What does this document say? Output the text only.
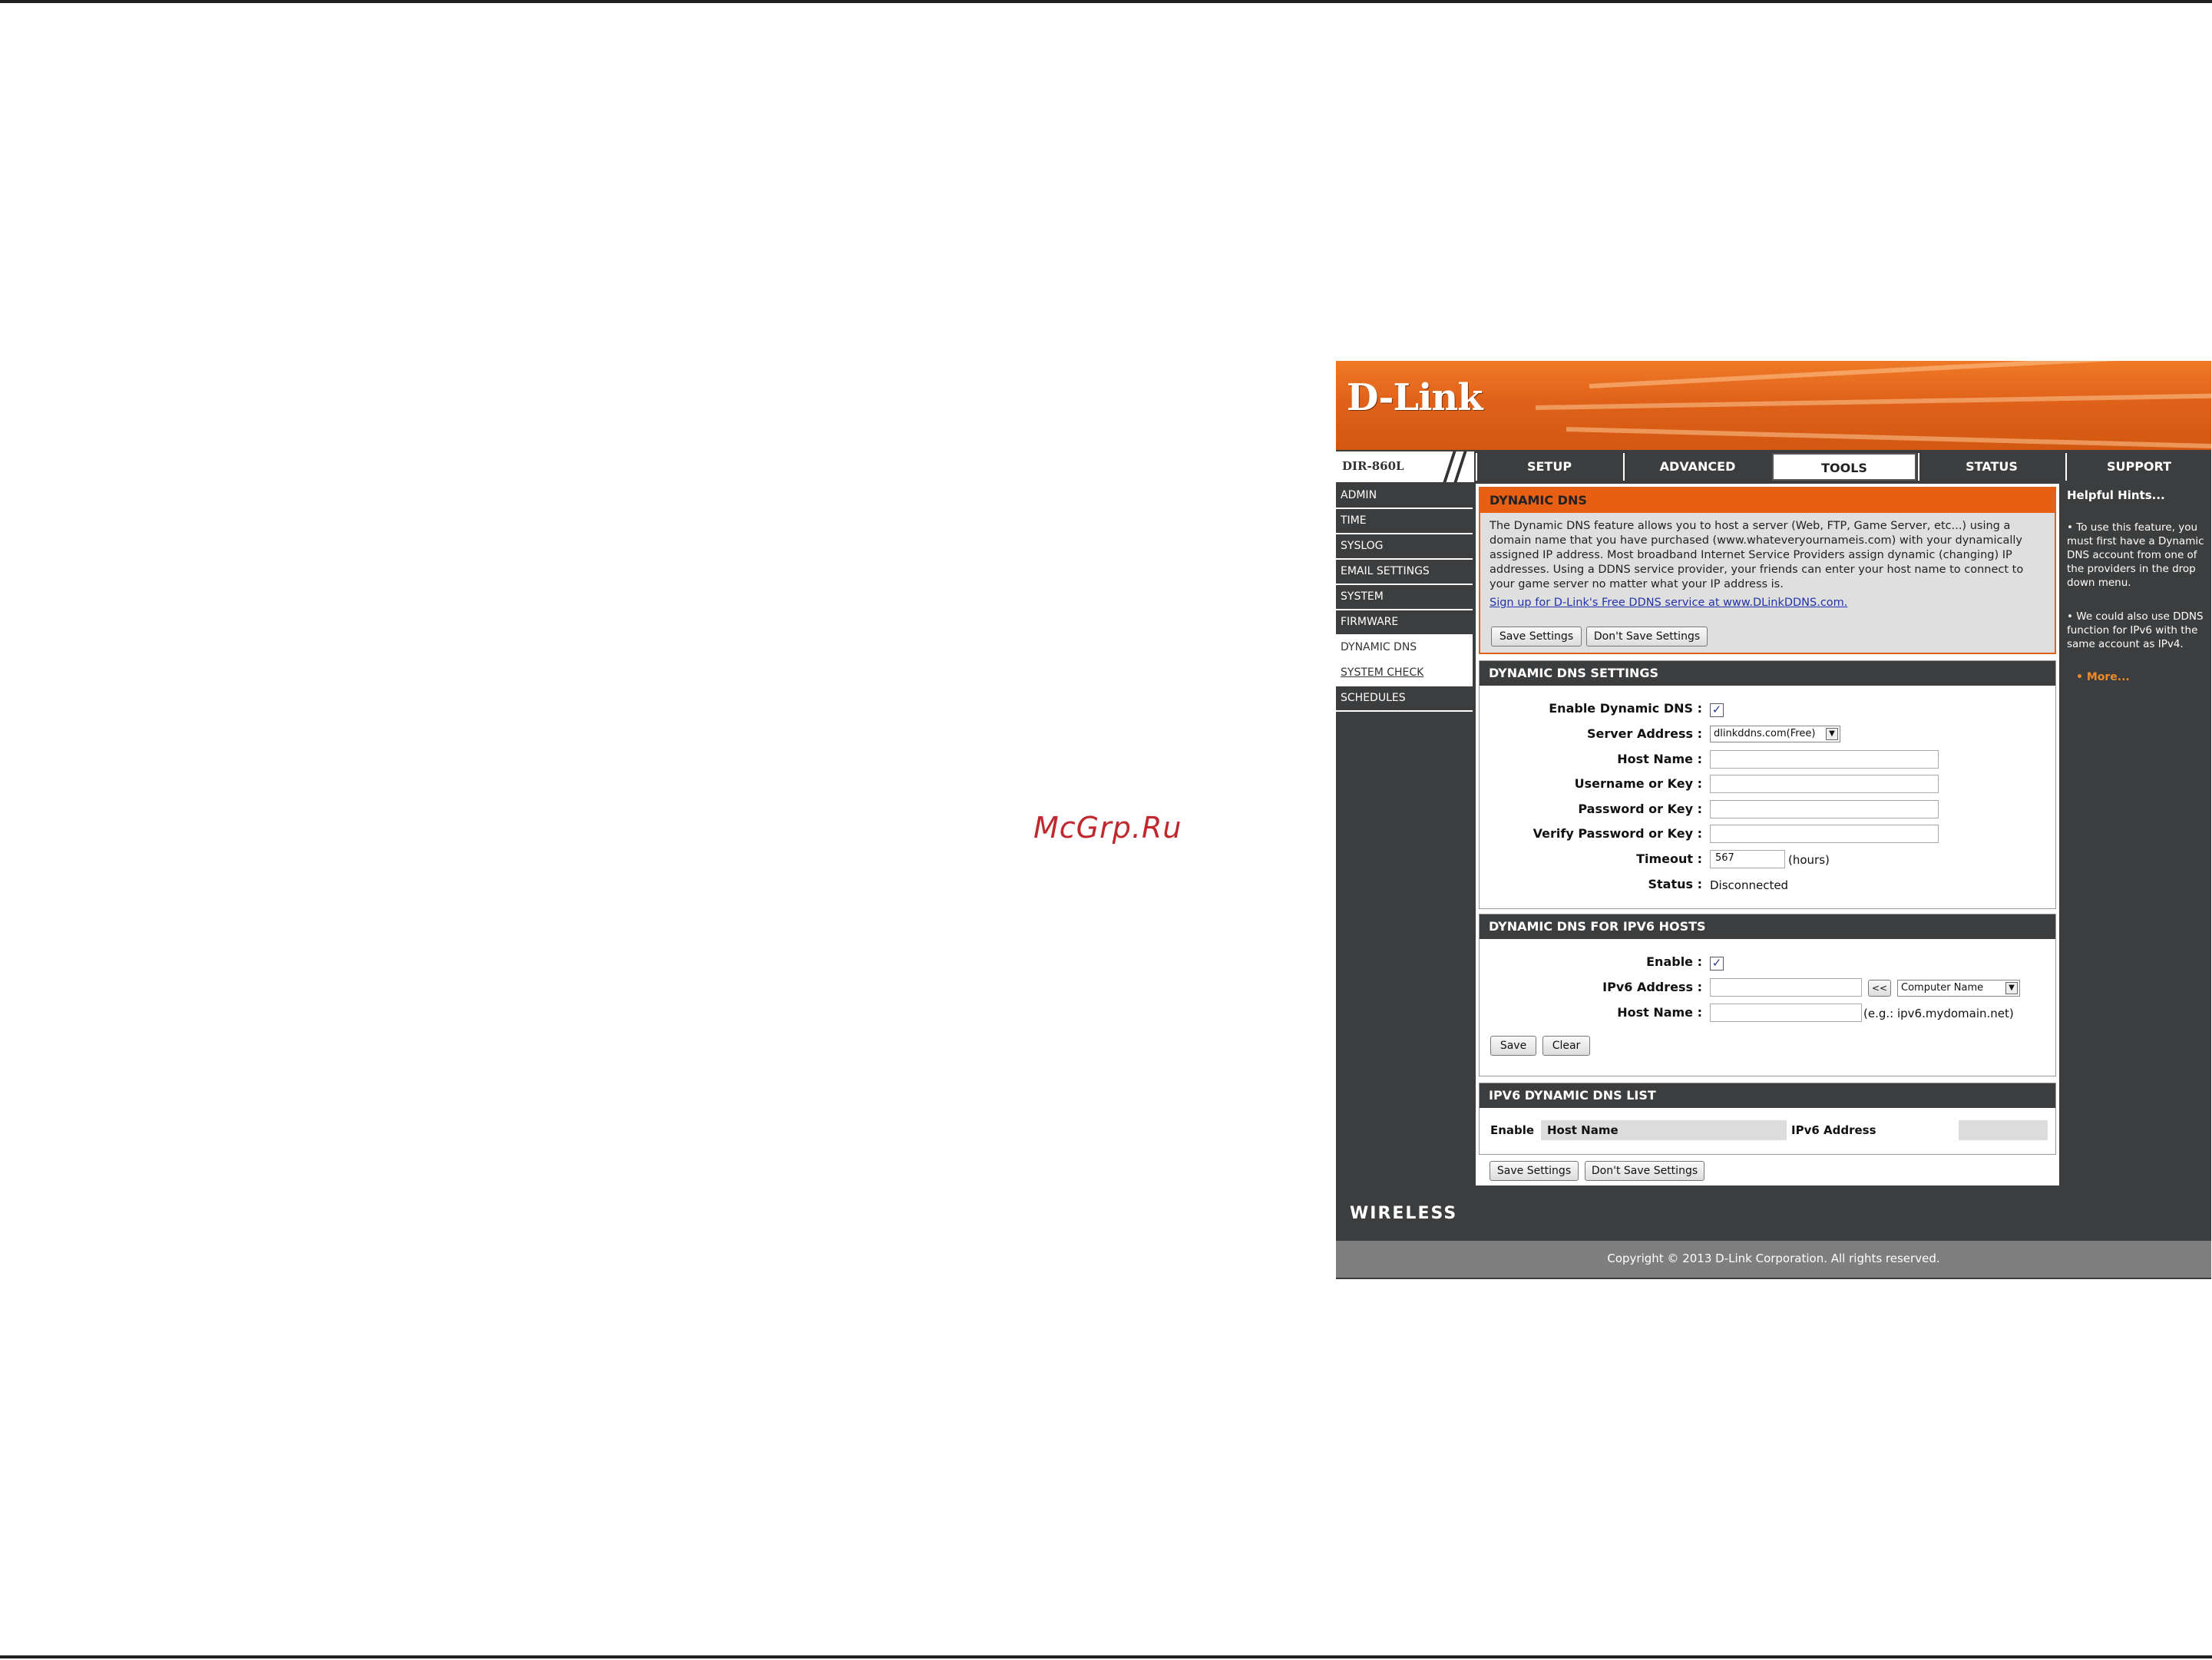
McGrp.Ru
D-Link
DIR-860L	SETUP	ADVANCED	TOOLS	STATUS	SUPPORT
ADMIN
TIME
SYSLOG
EMAIL SETTINGS
SYSTEM
FIRMWARE
DYNAMIC DNS
SYSTEM CHECK
SCHEDULES
DYNAMIC DNS
The Dynamic DNS feature allows you to host a server (Web, FTP, Game Server, etc...) using a domain name that you have purchased (www.whateveryournameis.com) with your dynamically assigned IP address. Most broadband Internet Service Providers assign dynamic (changing) IP addresses. Using a DDNS service provider, your friends can enter your host name to connect to your game server no matter what your IP address is.
Sign up for D-Link's Free DDNS service at www.DLinkDDNS.com.
Save Settings	Don't Save Settings
DYNAMIC DNS SETTINGS
Enable Dynamic DNS : ✓
Server Address :	dlinkddns.com(Free)	▼
Host Name :
Username or Key :
Password or Key :
Verify Password or Key :
Timeout :	567	(hours)
Status : Disconnected
DYNAMIC DNS FOR IPV6 HOSTS
Enable : ✓
IPv6 Address :	<<	Computer Name	▼
Host Name :	(e.g.: ipv6.mydomain.net)
Save	Clear
IPV6 DYNAMIC DNS LIST
Enable	Host Name	IPv6 Address
Save Settings	Don't Save Settings
Helpful Hints...
• To use this feature, you must first have a Dynamic DNS account from one of the providers in the drop down menu.
• We could also use DDNS function for IPv6 with the same account as IPv4.
• More...
WIRELESS
Copyright © 2013 D-Link Corporation. All rights reserved.
